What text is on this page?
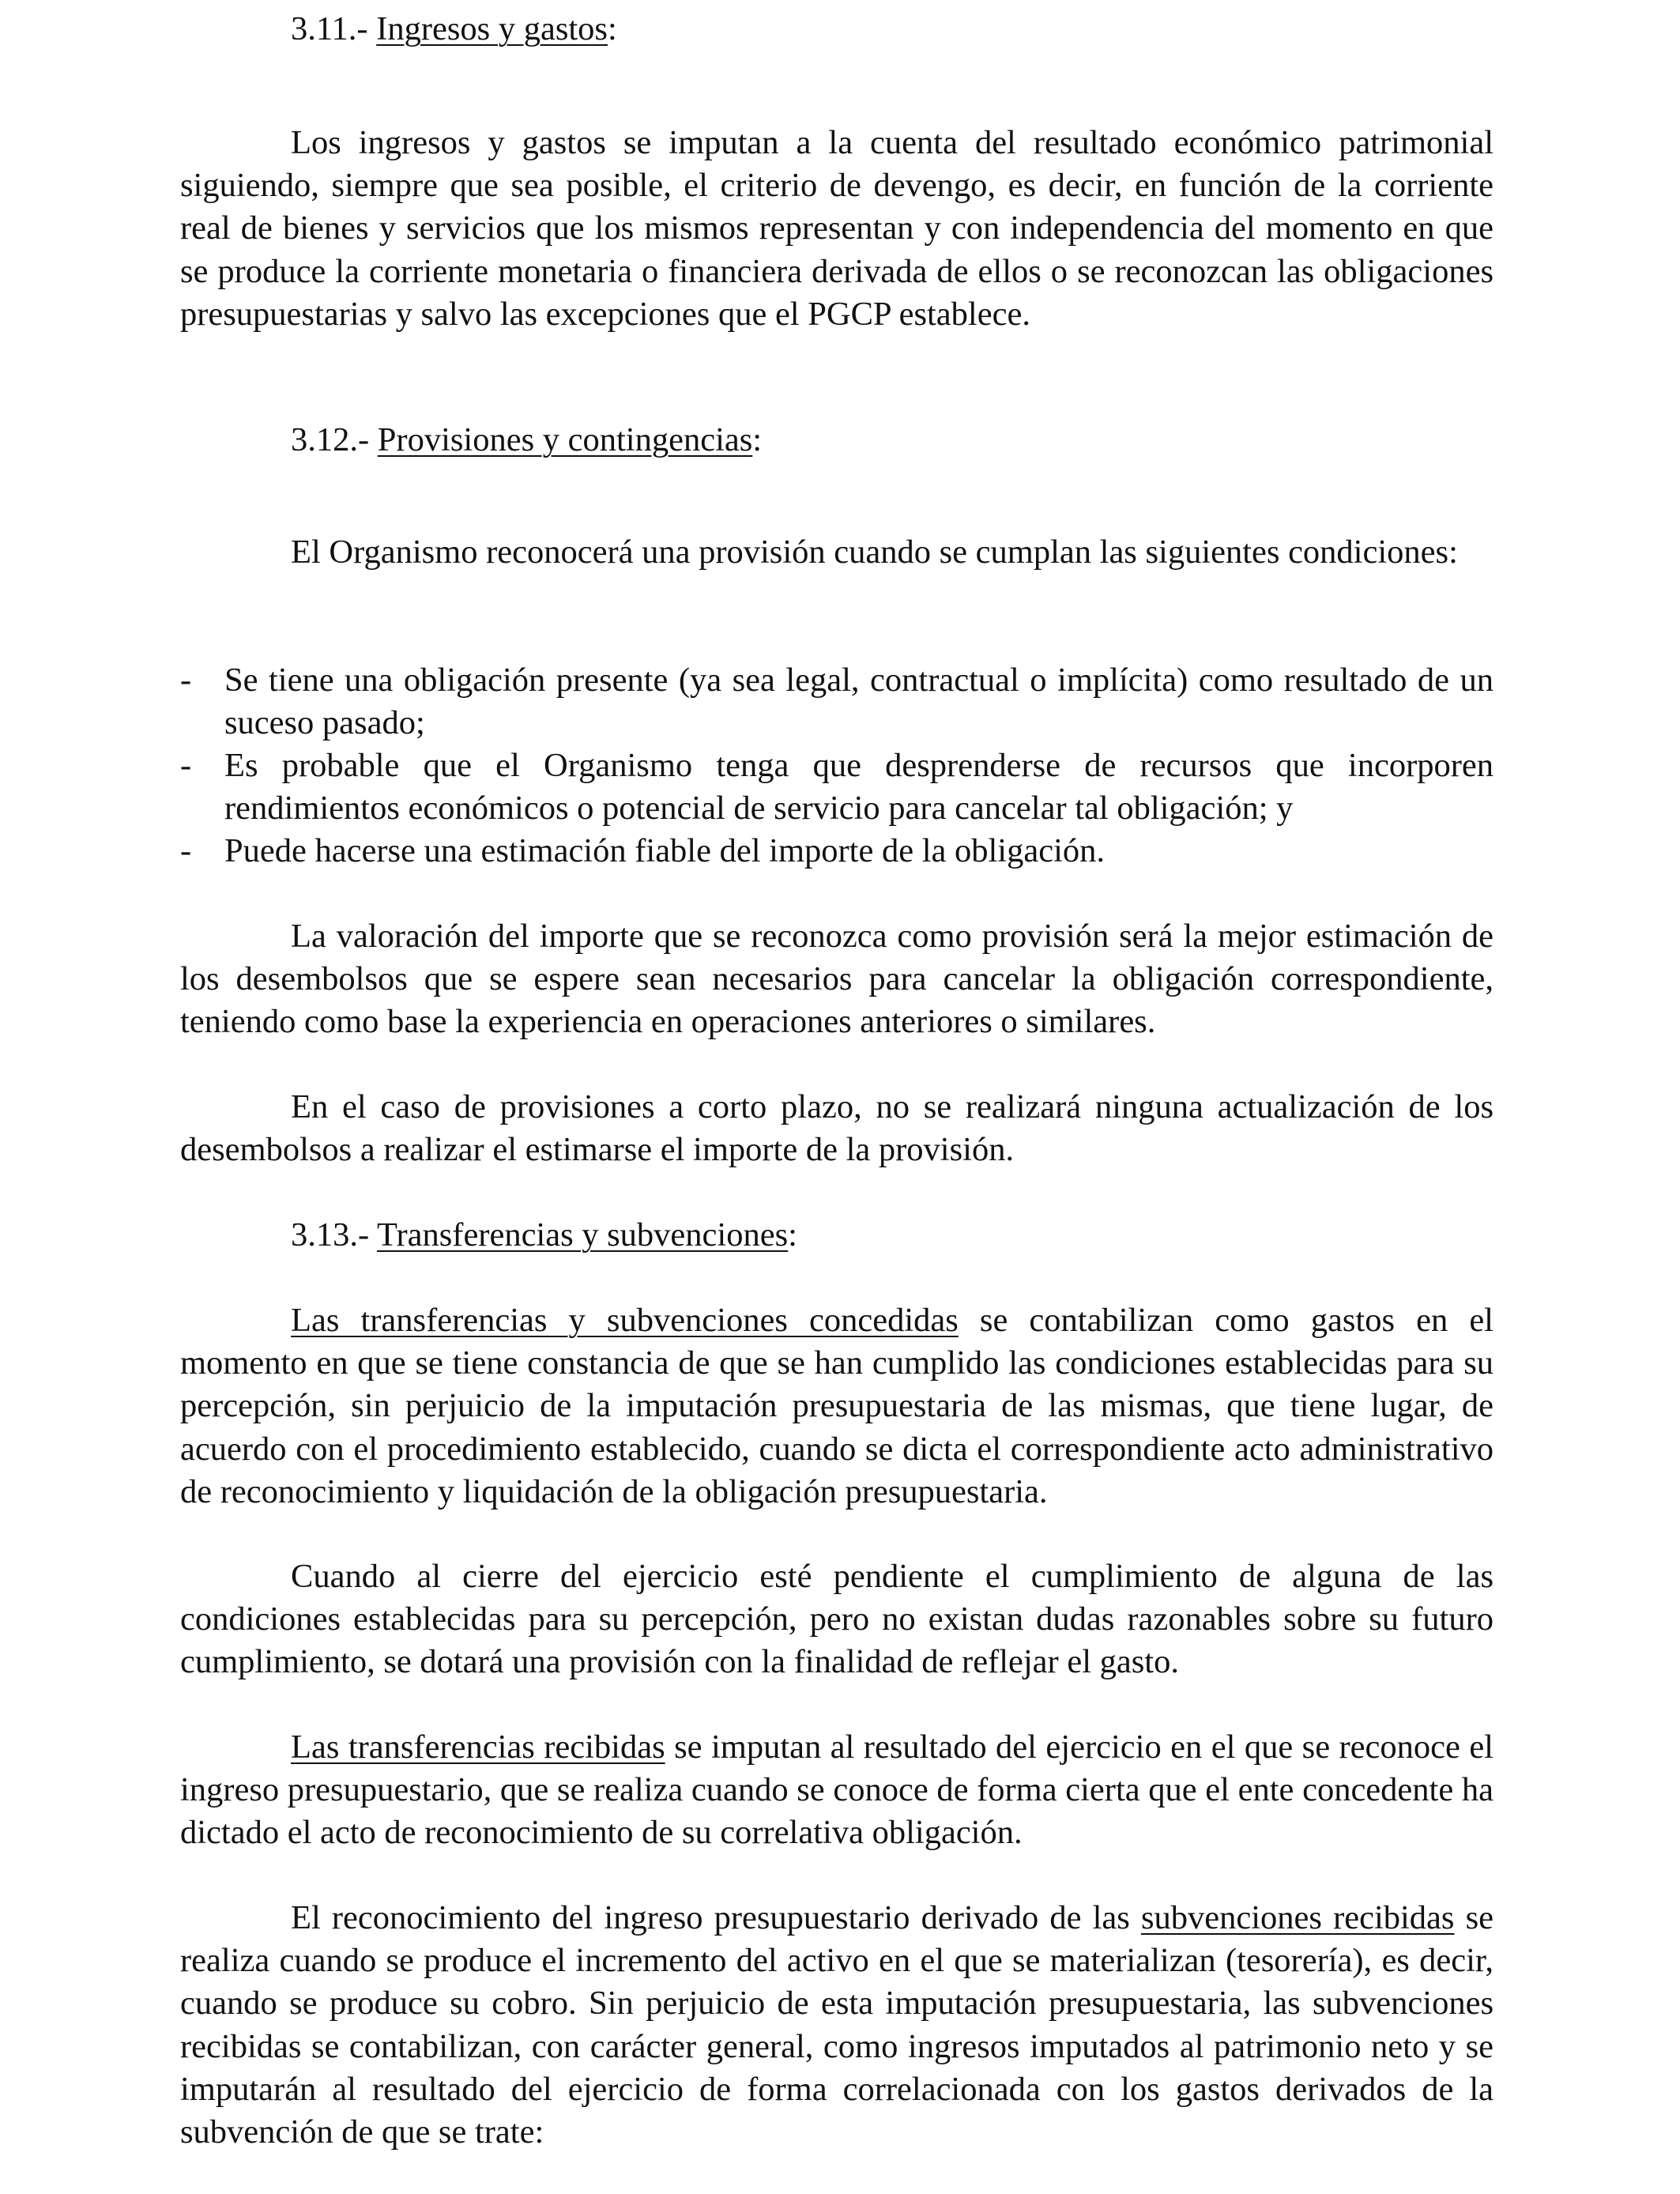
3.11.- Ingresos y gastos:

Los ingresos y gastos se imputan a la cuenta del resultado económico patrimonial siguiendo, siempre que sea posible, el criterio de devengo, es decir, en función de la corriente real de bienes y servicios que los mismos representan y con independencia del momento en que se produce la corriente monetaria o financiera derivada de ellos o se reconozcan las obligaciones presupuestarias y salvo las excepciones que el PGCP establece.

3.12.- Provisiones y contingencias:

El Organismo reconocerá una provisión cuando se cumplan las siguientes condiciones:

- Se tiene una obligación presente (ya sea legal, contractual o implícita) como resultado de un suceso pasado;
- Es probable que el Organismo tenga que desprenderse de recursos que incorporen rendimientos económicos o potencial de servicio para cancelar tal obligación; y
- Puede hacerse una estimación fiable del importe de la obligación.

La valoración del importe que se reconozca como provisión será la mejor estimación de los desembolsos que se espere sean necesarios para cancelar la obligación correspondiente, teniendo como base la experiencia en operaciones anteriores o similares.

En el caso de provisiones a corto plazo, no se realizará ninguna actualización de los desembolsos a realizar el estimarse el importe de la provisión.

3.13.- Transferencias y subvenciones:

Las transferencias y subvenciones concedidas se contabilizan como gastos en el momento en que se tiene constancia de que se han cumplido las condiciones establecidas para su percepción, sin perjuicio de la imputación presupuestaria de las mismas, que tiene lugar, de acuerdo con el procedimiento establecido, cuando se dicta el correspondiente acto administrativo de reconocimiento y liquidación de la obligación presupuestaria.

Cuando al cierre del ejercicio esté pendiente el cumplimiento de alguna de las condiciones establecidas para su percepción, pero no existan dudas razonables sobre su futuro cumplimiento, se dotará una provisión con la finalidad de reflejar el gasto.

Las transferencias recibidas se imputan al resultado del ejercicio en el que se reconoce el ingreso presupuestario, que se realiza cuando se conoce de forma cierta que el ente concedente ha dictado el acto de reconocimiento de su correlativa obligación.

El reconocimiento del ingreso presupuestario derivado de las subvenciones recibidas se realiza cuando se produce el incremento del activo en el que se materializan (tesorería), es decir, cuando se produce su cobro. Sin perjuicio de esta imputación presupuestaria, las subvenciones recibidas se contabilizan, con carácter general, como ingresos imputados al patrimonio neto y se imputarán al resultado del ejercicio de forma correlacionada con los gastos derivados de la subvención de que se trate:
